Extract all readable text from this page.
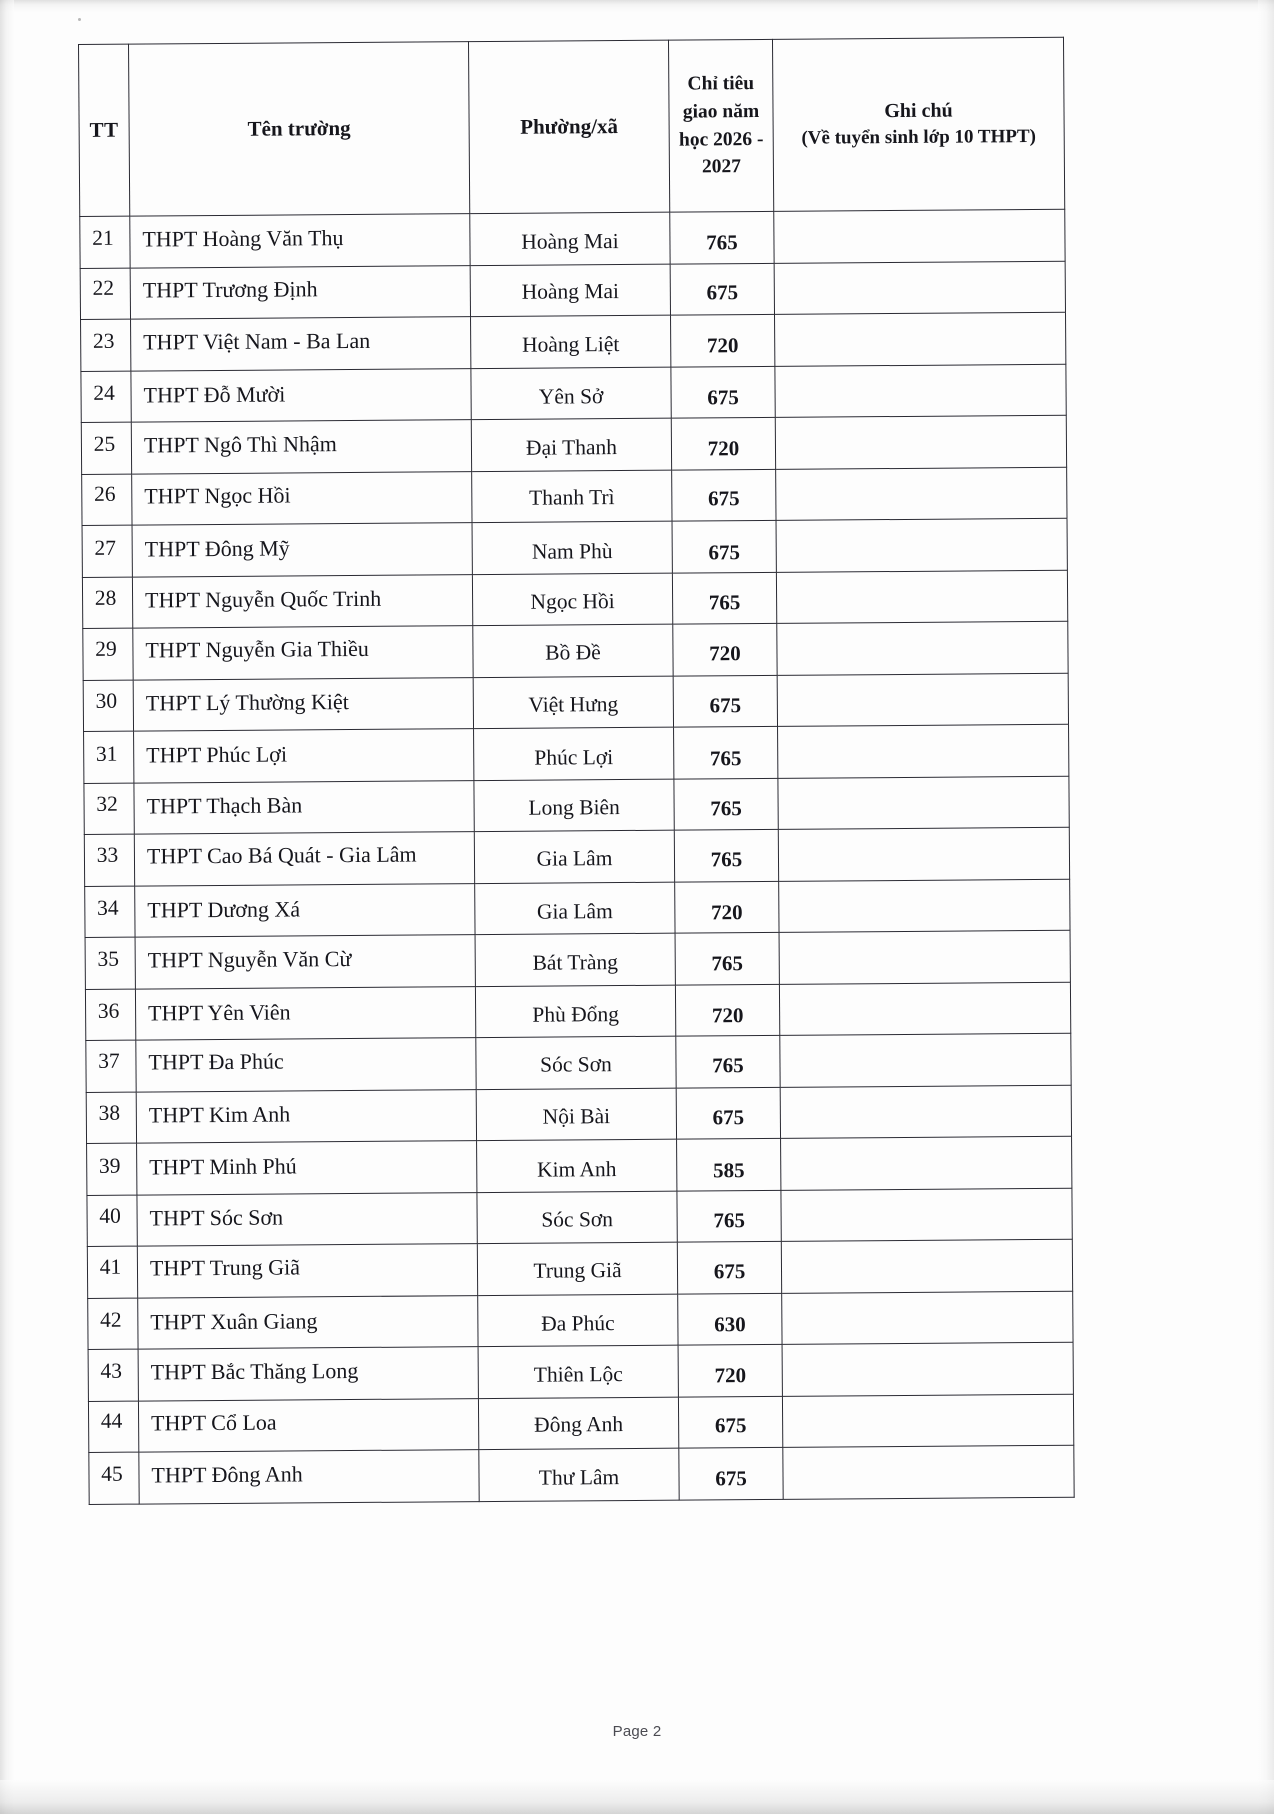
TT	Tên trường	Phường/xã	Chỉ tiêu giao năm học 2026 - 2027	Ghi chú
(Về tuyển sinh lớp 10 THPT)

21	THPT Hoàng Văn Thụ	Hoàng Mai	765	
22	THPT Trương Định	Hoàng Mai	675	
23	THPT Việt Nam - Ba Lan	Hoàng Liệt	720	
24	THPT Đỗ Mười	Yên Sở	675	
25	THPT Ngô Thì Nhậm	Đại Thanh	720	
26	THPT Ngọc Hồi	Thanh Trì	675	
27	THPT Đông Mỹ	Nam Phù	675	
28	THPT Nguyễn Quốc Trinh	Ngọc Hồi	765	
29	THPT Nguyễn Gia Thiều	Bồ Đề	720	
30	THPT Lý Thường Kiệt	Việt Hưng	675	
31	THPT Phúc Lợi	Phúc Lợi	765	
32	THPT Thạch Bàn	Long Biên	765	
33	THPT Cao Bá Quát - Gia Lâm	Gia Lâm	765	
34	THPT Dương Xá	Gia Lâm	720	
35	THPT Nguyễn Văn Cừ	Bát Tràng	765	
36	THPT Yên Viên	Phù Đổng	720	
37	THPT Đa Phúc	Sóc Sơn	765	
38	THPT Kim Anh	Nội Bài	675	
39	THPT Minh Phú	Kim Anh	585	
40	THPT Sóc Sơn	Sóc Sơn	765	
41	THPT Trung Giã	Trung Giã	675	
42	THPT Xuân Giang	Đa Phúc	630	
43	THPT Bắc Thăng Long	Thiên Lộc	720	
44	THPT Cổ Loa	Đông Anh	675	
45	THPT Đông Anh	Thư Lâm	675	
Page 2
